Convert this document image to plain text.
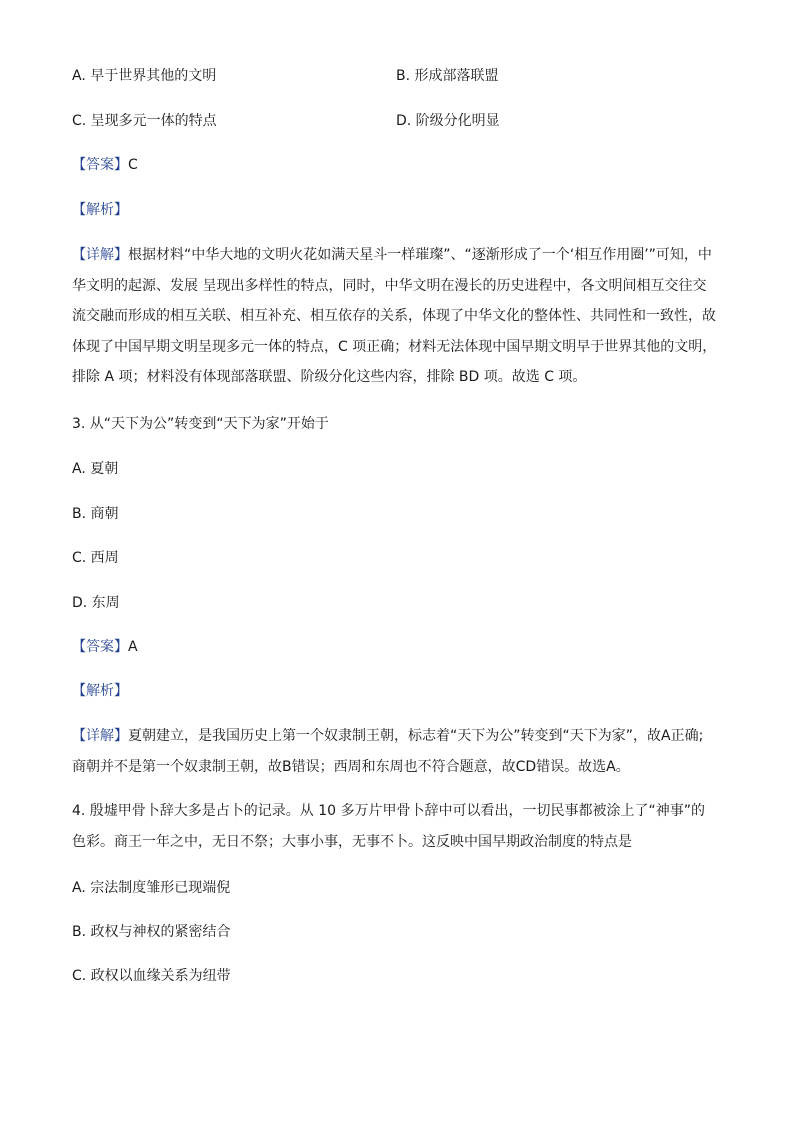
A. 早于世界其他的文明	B. 形成部落联盟
C. 呈现多元一体的特点	D. 阶级分化明显
【答案】C
【解析】
【详解】根据材料“中华大地的文明火花如满天星斗一样璀璨”、“逐渐形成了一个‘相互作用圈’”可知，中
华文明的起源、发展 呈现出多样性的特点，同时，中华文明在漫长的历史进程中，各文明间相互交往交
流交融而形成的相互关联、相互补充、相互依存的关系，体现了中华文化的整体性、共同性和一致性，故
体现了中国早期文明呈现多元一体的特点，C 项正确；材料无法体现中国早期文明早于世界其他的文明，
排除 A 项；材料没有体现部落联盟、阶级分化这些内容，排除 BD 项。故选 C 项。
3. 从“天下为公”转变到“天下为家”开始于
A. 夏朝
B. 商朝
C. 西周
D. 东周
【答案】A
【解析】
【详解】夏朝建立，是我国历史上第一个奴隶制王朝，标志着“天下为公”转变到“天下为家”，故A正确;
商朝并不是第一个奴隶制王朝，故B错误；西周和东周也不符合题意，故CD错误。故选A。
4. 殷墟甲骨卜辞大多是占卜的记录。从 10 多万片甲骨卜辞中可以看出，一切民事都被涂上了“神事”的
色彩。商王一年之中，无日不祭；大事小事，无事不卜。这反映中国早期政治制度的特点是
A. 宗法制度雏形已现端倪
B. 政权与神权的紧密结合
C. 政权以血缘关系为纽带
